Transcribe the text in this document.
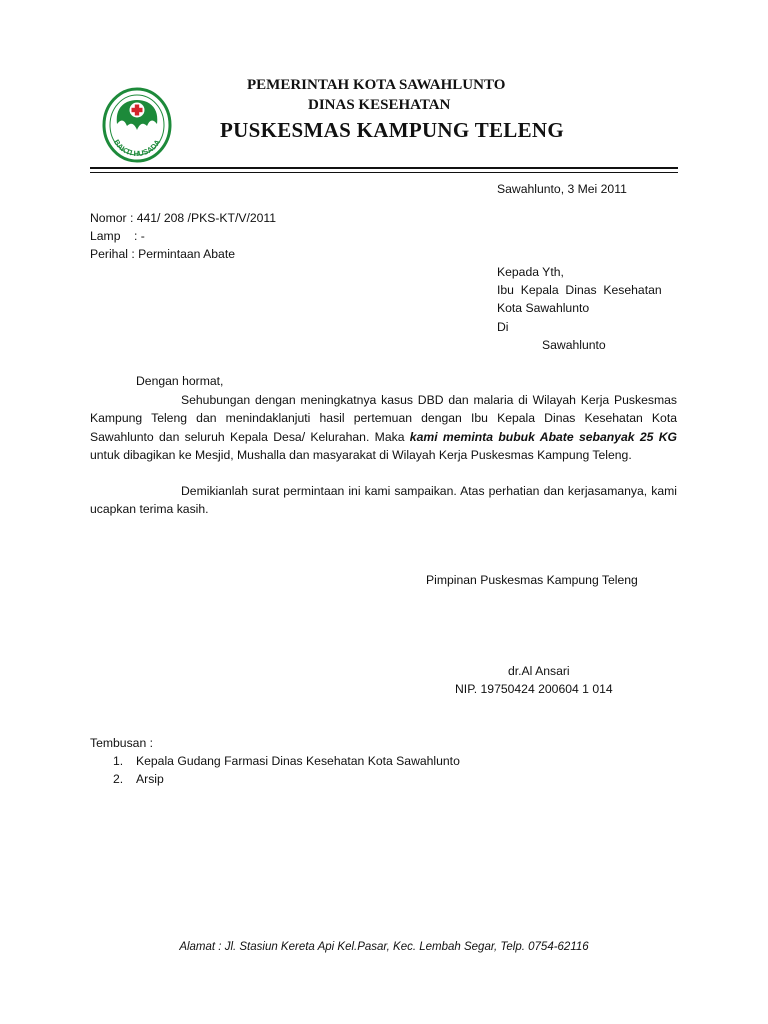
BAKTI HUSADA
PEMERINTAH KOTA SAWAHLUNTO
DINAS KESEHATAN
PUSKESMAS KAMPUNG TELENG
Sawahlunto, 3 Mei 2011
Nomor : 441/ 208 /PKS-KT/V/2011
Lamp    : -
Perihal : Permintaan Abate
Kepada Yth,
Ibu  Kepala  Dinas  Kesehatan
Kota Sawahlunto
Di
Sawahlunto
Dengan hormat,
Sehubungan dengan meningkatnya kasus DBD dan malaria di Wilayah Kerja Puskesmas Kampung Teleng dan menindaklanjuti hasil pertemuan dengan Ibu Kepala Dinas Kesehatan Kota Sawahlunto dan seluruh Kepala Desa/ Kelurahan. Maka kami meminta bubuk Abate sebanyak 25 KG untuk dibagikan ke Mesjid, Mushalla dan masyarakat di Wilayah Kerja Puskesmas Kampung Teleng.
Demikianlah surat permintaan ini kami sampaikan. Atas perhatian dan kerjasamanya, kami ucapkan terima kasih.
Pimpinan Puskesmas Kampung Teleng
dr.Al Ansari
NIP. 19750424 200604 1 014
Tembusan :
1. Kepala Gudang Farmasi Dinas Kesehatan Kota Sawahlunto
2. Arsip
Alamat : Jl. Stasiun Kereta Api Kel.Pasar, Kec. Lembah Segar, Telp. 0754-62116
